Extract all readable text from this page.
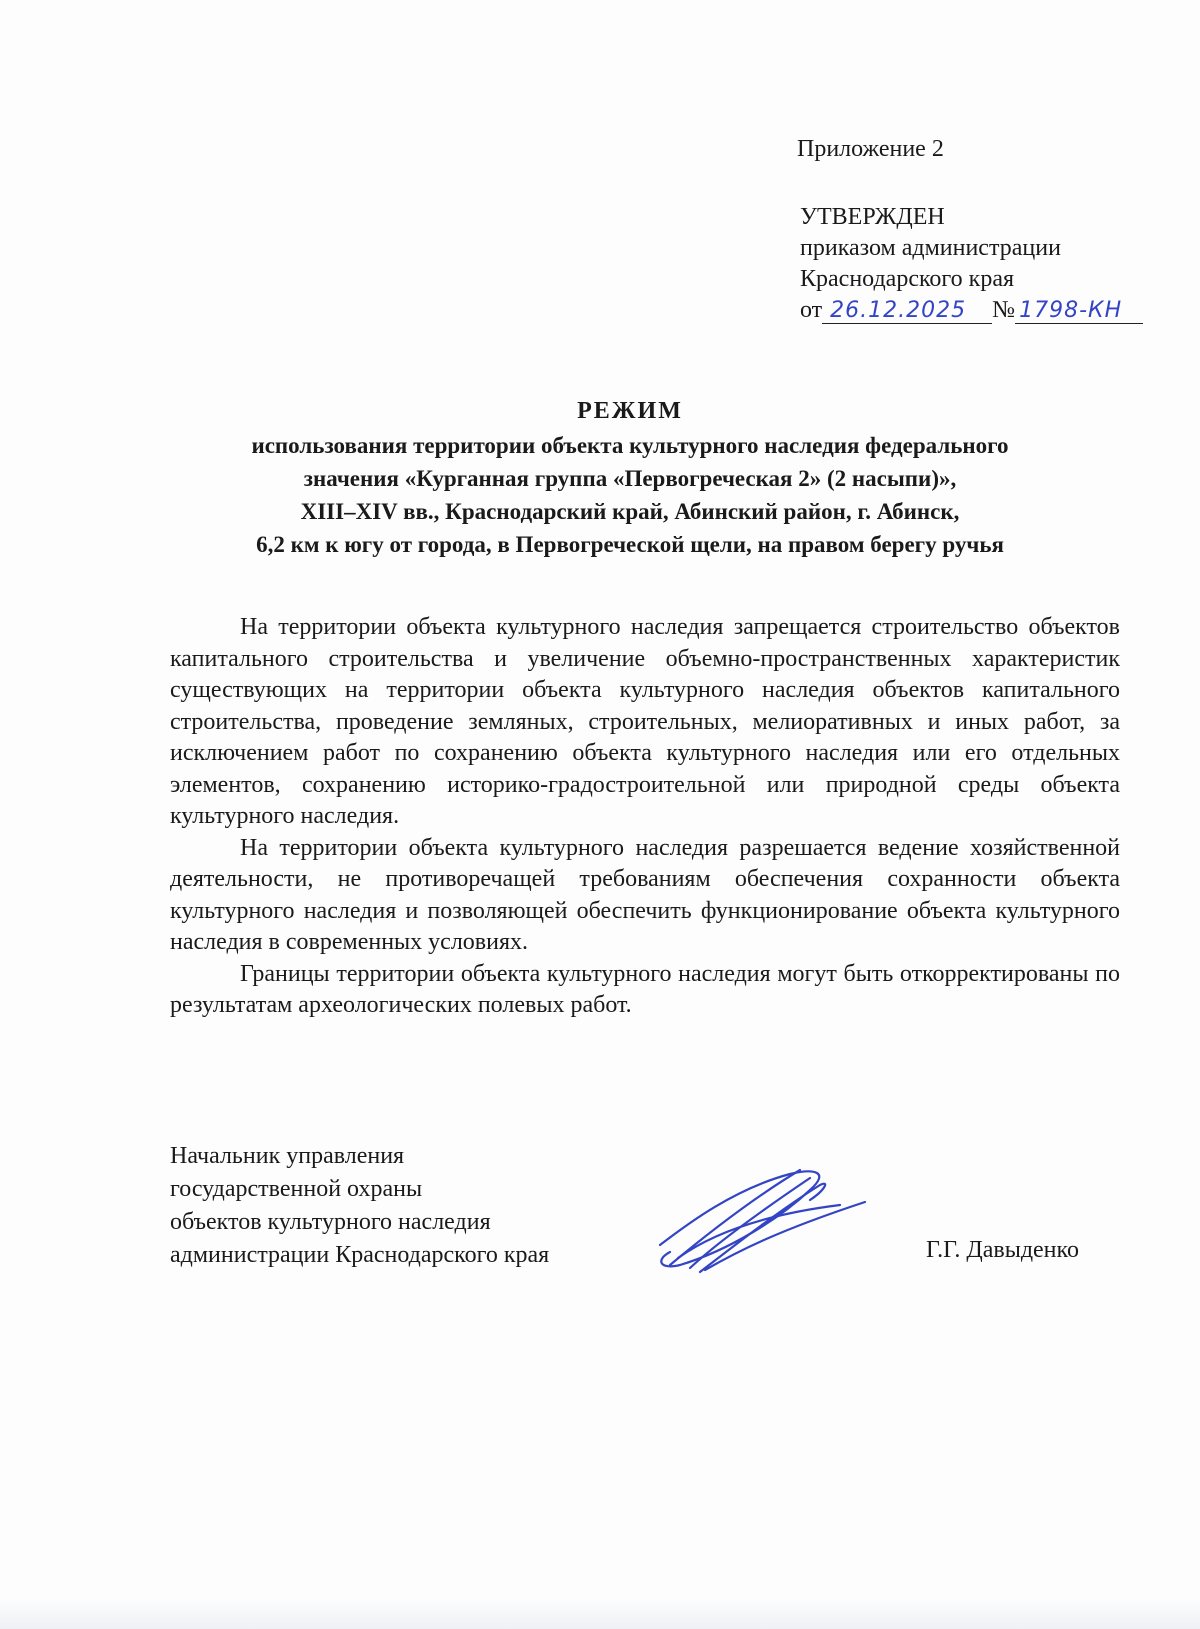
Приложение 2
УТВЕРЖДЕН
приказом администрации
Краснодарского края
от 26.12.2025 № 1798-КН
РЕЖИМ
использования территории объекта культурного наследия федерального
значения «Курганная группа «Первогреческая 2» (2 насыпи)»,
XIII–XIV вв., Краснодарский край, Абинский район, г. Абинск,
6,2 км к югу от города, в Первогреческой щели, на правом берегу ручья

На территории объекта культурного наследия запрещается строительство объектов капитального строительства и увеличение объемно-пространственных характеристик существующих на территории объекта культурного наследия объектов капитального строительства, проведение земляных, строительных, мелиоративных и иных работ, за исключением работ по сохранению объекта культурного наследия или его отдельных элементов, сохранению историко-градостроительной или природной среды объекта культурного наследия.

На территории объекта культурного наследия разрешается ведение хозяйственной деятельности, не противоречащей требованиям обеспечения сохранности объекта культурного наследия и позволяющей обеспечить функционирование объекта культурного наследия в современных условиях.

Границы территории объекта культурного наследия могут быть откорректированы по результатам археологических полевых работ.

Начальник управления
государственной охраны
объектов культурного наследия
администрации Краснодарского края	Г.Г. Давыденко
